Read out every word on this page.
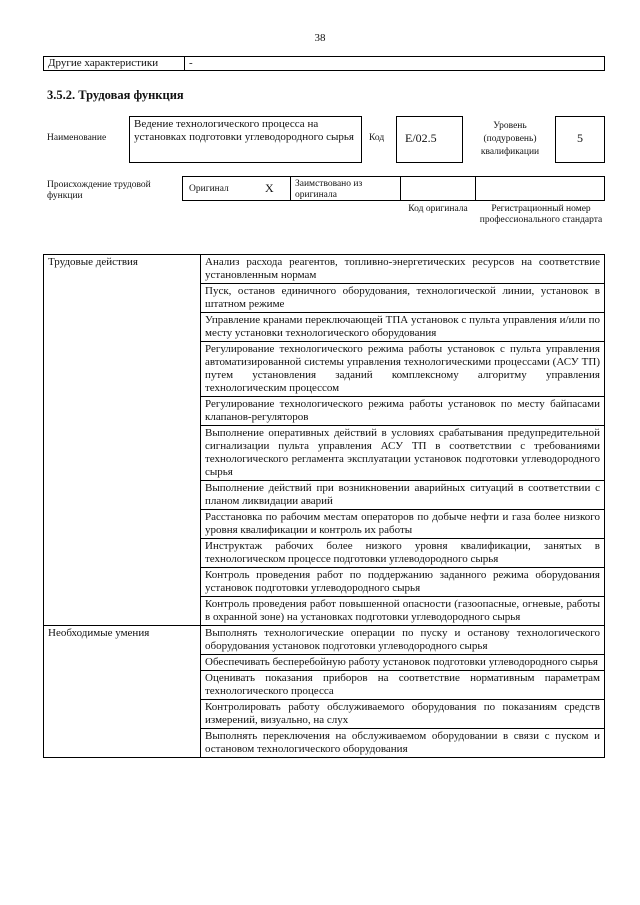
38
Другие характеристики	-
3.5.2. Трудовая функция
Наименование
Ведение технологического процесса на установках подготовки углеводородного сырья	Код	E/02.5
Уровень (подуровень) квалификации
5
Происхождение трудовой функции
Оригинал	X Заимствовано из оригинала
Код оригинала	Регистрационный номер профессионального стандарта
Трудовые действия	Анализ расхода реагентов, топливно-энергетических ресурсов на соответствие установленным нормам
	Пуск, останов единичного оборудования, технологической линии, установок в штатном режиме
	Управление кранами переключающей ТПА установок с пульта управления и/или по месту установки технологического оборудования
	Регулирование технологического режима работы установок с пульта управления автоматизированной системы управления технологическими процессами (АСУ ТП) путем установления заданий комплексному алгоритму управления технологическим процессом
	Регулирование технологического режима работы установок по месту байпасами клапанов-регуляторов
	Выполнение оперативных действий в условиях срабатывания предупредительной сигнализации пульта управления АСУ ТП в соответствии с требованиями технологического регламента эксплуатации установок подготовки углеводородного сырья
	Выполнение действий при возникновении аварийных ситуаций в соответствии с планом ликвидации аварий
	Расстановка по рабочим местам операторов по добыче нефти и газа более низкого уровня квалификации и контроль их работы
	Инструктаж рабочих более низкого уровня квалификации, занятых в технологическом процессе подготовки углеводородного сырья
	Контроль проведения работ по поддержанию заданного режима оборудования установок подготовки углеводородного сырья
	Контроль проведения работ повышенной опасности (газоопасные, огневые, работы в охранной зоне) на установках подготовки углеводородного сырья
Необходимые умения	Выполнять технологические операции по пуску и останову технологического оборудования установок подготовки углеводородного сырья
	Обеспечивать бесперебойную работу установок подготовки углеводородного сырья
	Оценивать показания приборов на соответствие нормативным параметрам технологического процесса
	Контролировать работу обслуживаемого оборудования по показаниям средств измерений, визуально, на слух
	Выполнять переключения на обслуживаемом оборудовании в связи с пуском и остановом технологического оборудования
